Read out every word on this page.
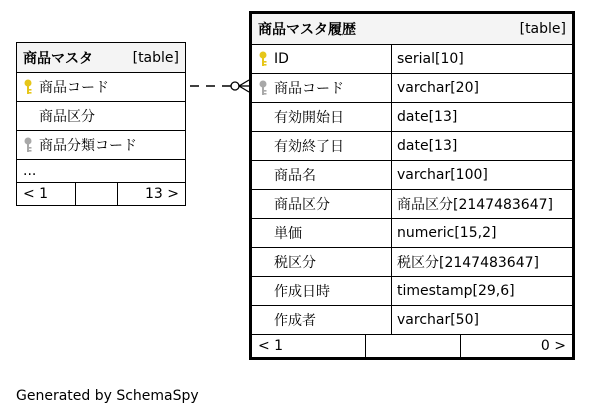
商品マスタ	[table]
商品コード
商品区分
商品分類コード
...
< 1	13 >
商品マスタ履歴	[table]
ID	serial[10]
商品コード	varchar[20]
有効開始日	date[13]
有効終了日	date[13]
商品名	varchar[100]
商品区分	商品区分[2147483647]
単価	numeric[15,2]
税区分	税区分[2147483647]
作成日時	timestamp[29,6]
作成者	varchar[50]
< 1	0 >
Generated by SchemaSpy
